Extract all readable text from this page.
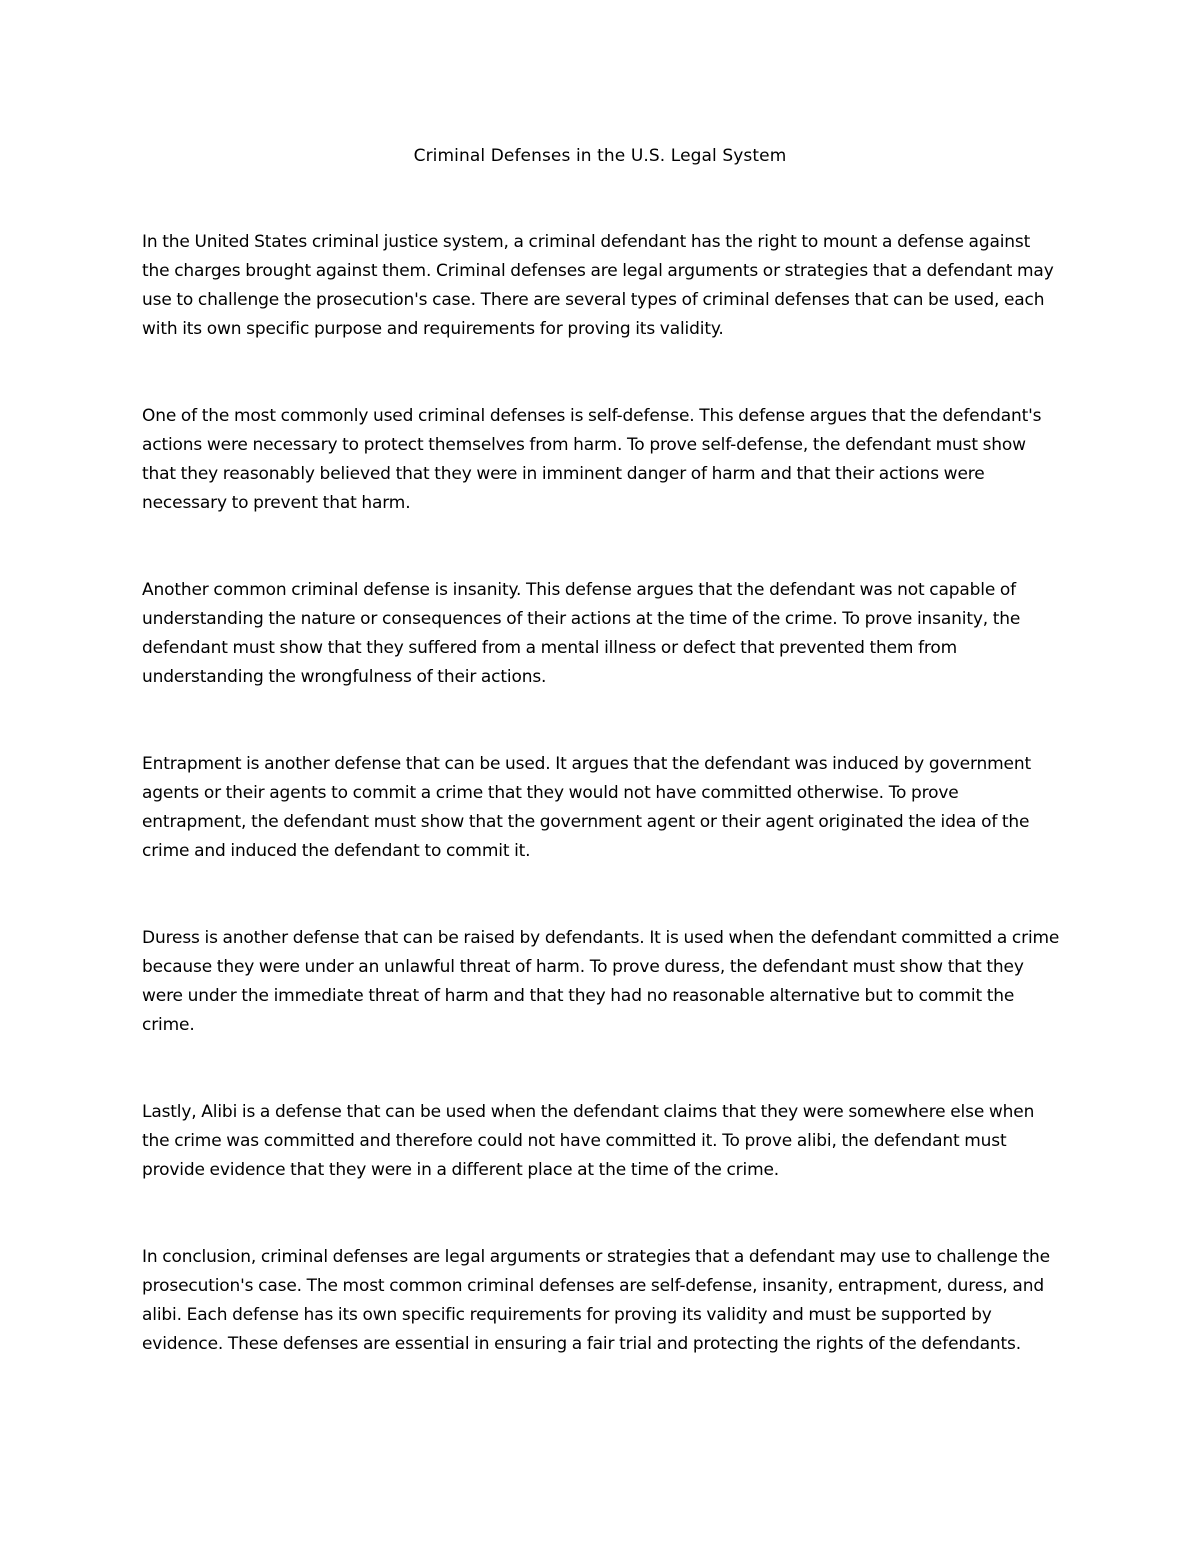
Criminal Defenses in the U.S. Legal System

In the United States criminal justice system, a criminal defendant has the right to mount a defense against the charges brought against them. Criminal defenses are legal arguments or strategies that a defendant may use to challenge the prosecution's case. There are several types of criminal defenses that can be used, each with its own specific purpose and requirements for proving its validity.

One of the most commonly used criminal defenses is self-defense. This defense argues that the defendant's actions were necessary to protect themselves from harm. To prove self-defense, the defendant must show that they reasonably believed that they were in imminent danger of harm and that their actions were necessary to prevent that harm.

Another common criminal defense is insanity. This defense argues that the defendant was not capable of understanding the nature or consequences of their actions at the time of the crime. To prove insanity, the defendant must show that they suffered from a mental illness or defect that prevented them from understanding the wrongfulness of their actions.

Entrapment is another defense that can be used. It argues that the defendant was induced by government agents or their agents to commit a crime that they would not have committed otherwise. To prove entrapment, the defendant must show that the government agent or their agent originated the idea of the crime and induced the defendant to commit it.

Duress is another defense that can be raised by defendants. It is used when the defendant committed a crime because they were under an unlawful threat of harm. To prove duress, the defendant must show that they were under the immediate threat of harm and that they had no reasonable alternative but to commit the crime.

Lastly, Alibi is a defense that can be used when the defendant claims that they were somewhere else when the crime was committed and therefore could not have committed it. To prove alibi, the defendant must provide evidence that they were in a different place at the time of the crime.

In conclusion, criminal defenses are legal arguments or strategies that a defendant may use to challenge the prosecution's case. The most common criminal defenses are self-defense, insanity, entrapment, duress, and alibi. Each defense has its own specific requirements for proving its validity and must be supported by evidence. These defenses are essential in ensuring a fair trial and protecting the rights of the defendants.
